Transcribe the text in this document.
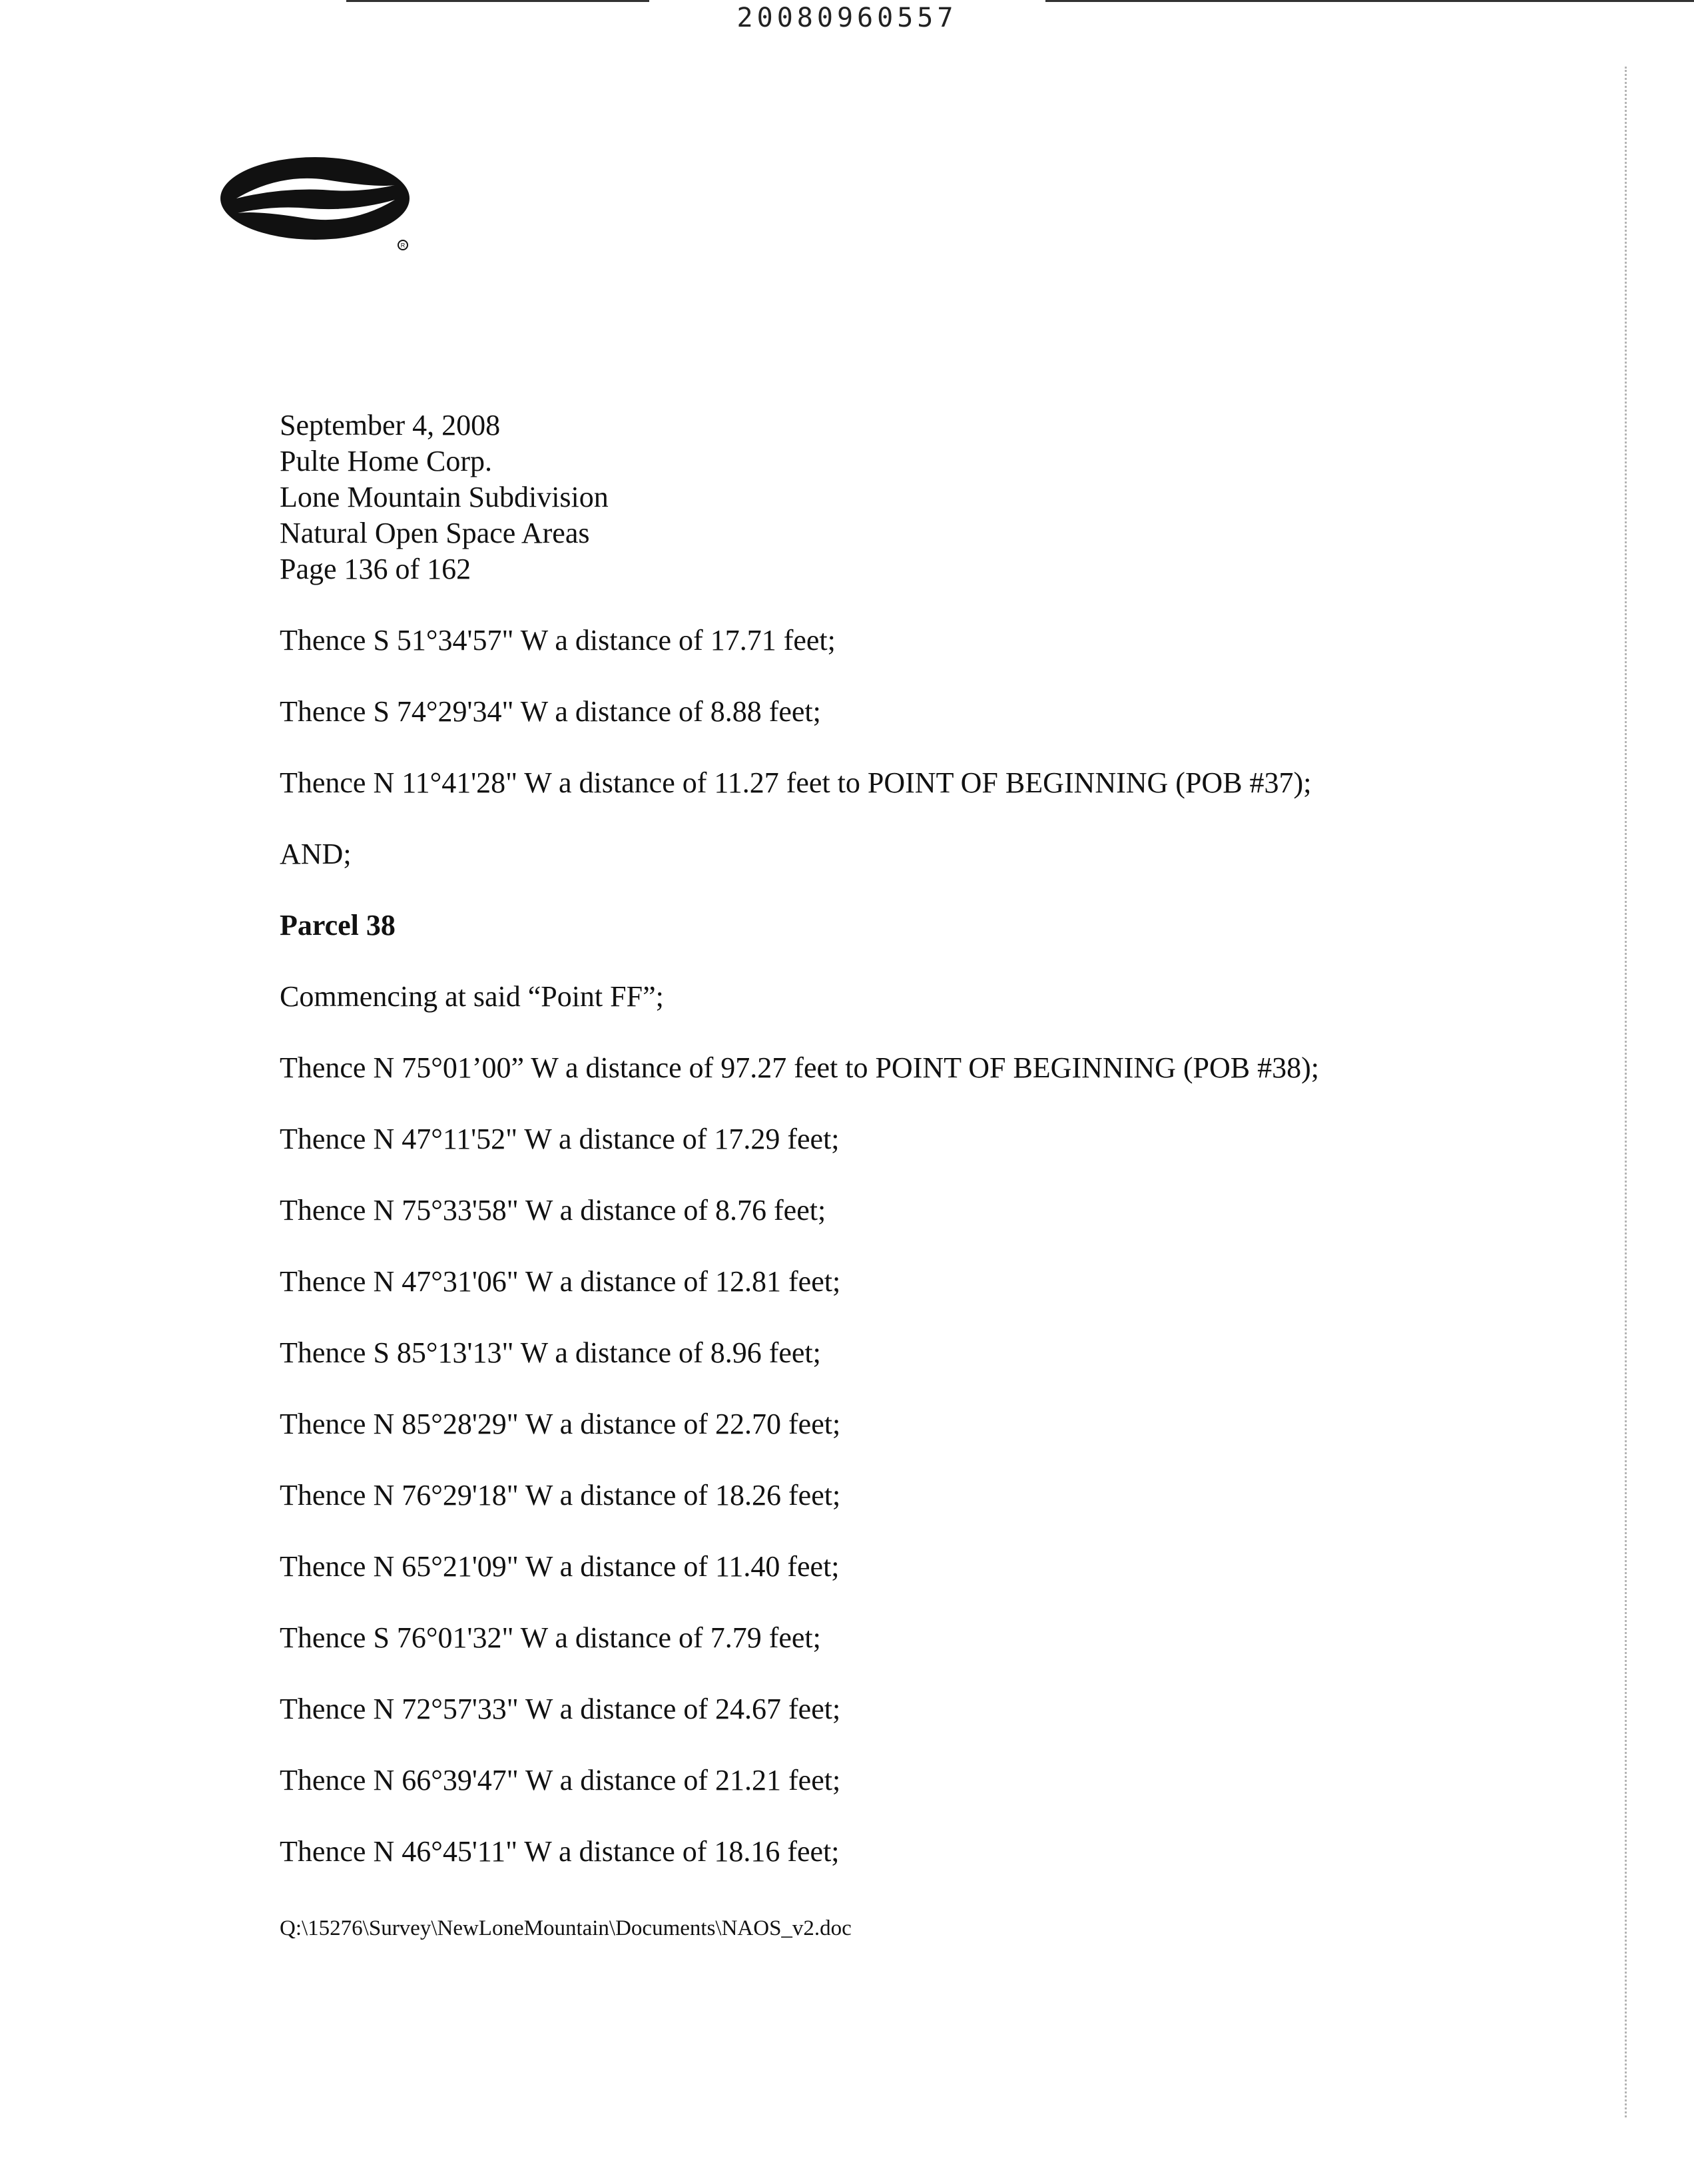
20080960557
R
September 4, 2008
Pulte Home Corp.
Lone Mountain Subdivision
Natural Open Space Areas
Page 136 of 162
Thence S 51°34'57" W a distance of 17.71 feet;
Thence S 74°29'34" W a distance of 8.88 feet;
Thence N 11°41'28" W a distance of 11.27 feet to POINT OF BEGINNING (POB #37);
AND;
Parcel 38
Commencing at said “Point FF”;
Thence N 75°01’00” W a distance of 97.27 feet to POINT OF BEGINNING (POB #38);
Thence N 47°11'52" W a distance of 17.29 feet;
Thence N 75°33'58" W a distance of 8.76 feet;
Thence N 47°31'06" W a distance of 12.81 feet;
Thence S 85°13'13" W a distance of 8.96 feet;
Thence N 85°28'29" W a distance of 22.70 feet;
Thence N 76°29'18" W a distance of 18.26 feet;
Thence N 65°21'09" W a distance of 11.40 feet;
Thence S 76°01'32" W a distance of 7.79 feet;
Thence N 72°57'33" W a distance of 24.67 feet;
Thence N 66°39'47" W a distance of 21.21 feet;
Thence N 46°45'11" W a distance of 18.16 feet;
Q:\15276\Survey\NewLoneMountain\Documents\NAOS_v2.doc
